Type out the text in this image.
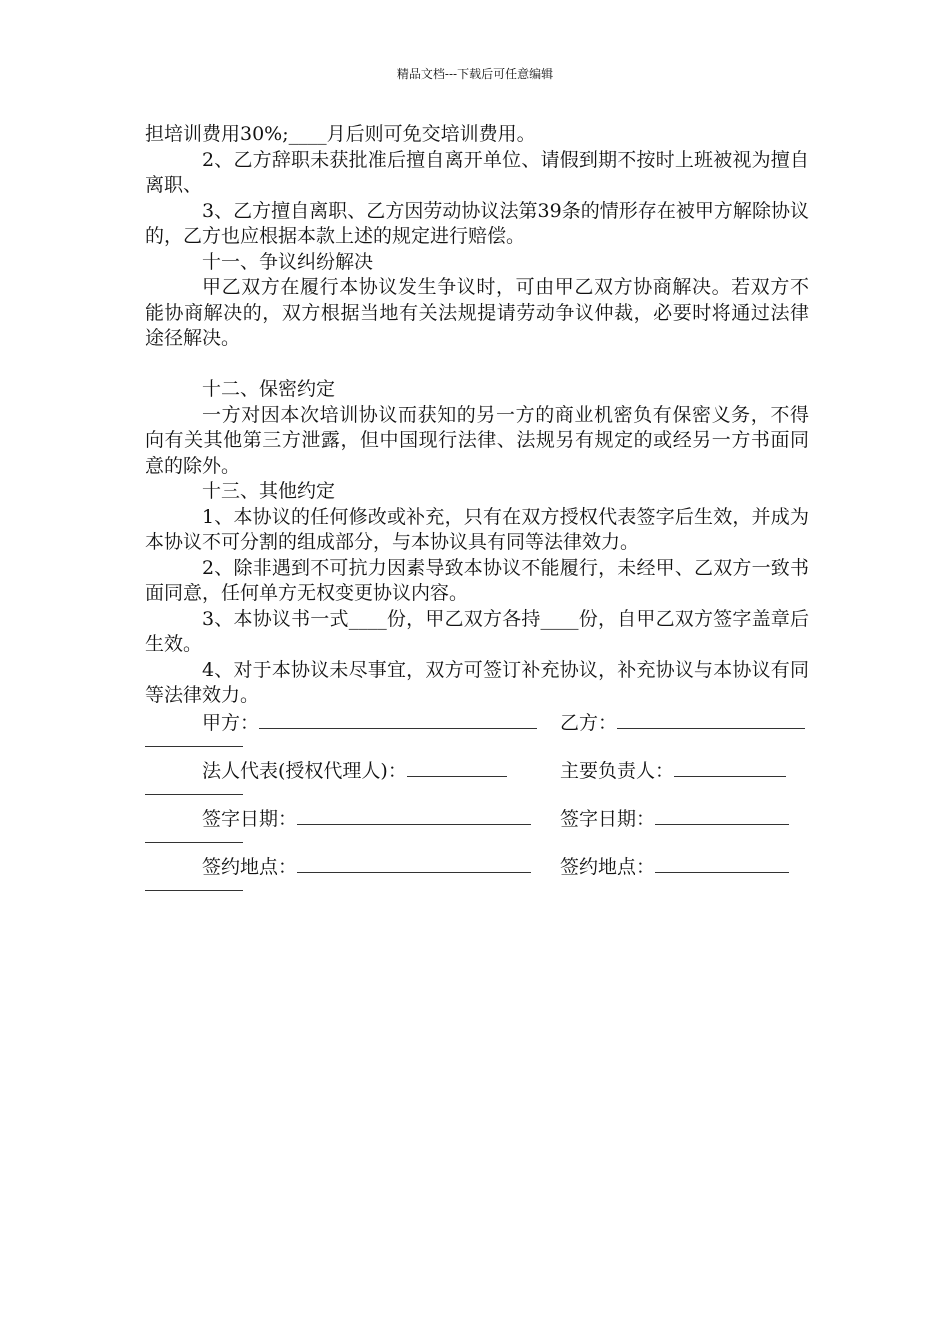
精品文档---下载后可任意编辑

担培训费用30%;____月后则可免交培训费用。

2、乙方辞职未获批准后擅自离开单位、请假到期不按时上班被视为擅自离职、

3、乙方擅自离职、乙方因劳动协议法第39条的情形存在被甲方解除协议的，乙方也应根据本款上述的规定进行赔偿。

十一、争议纠纷解决

甲乙双方在履行本协议发生争议时，可由甲乙双方协商解决。若双方不能协商解决的，双方根据当地有关法规提请劳动争议仲裁，必要时将通过法律途径解决。

十二、保密约定

一方对因本次培训协议而获知的另一方的商业机密负有保密义务，不得向有关其他第三方泄露，但中国现行法律、法规另有规定的或经另一方书面同意的除外。

十三、其他约定

1、本协议的任何修改或补充，只有在双方授权代表签字后生效，并成为本协议不可分割的组成部分，与本协议具有同等法律效力。

2、除非遇到不可抗力因素导致本协议不能履行，未经甲、乙双方一致书面同意，任何单方无权变更协议内容。

3、本协议书一式____份，甲乙双方各持____份，自甲乙双方签字盖章后生效。

4、对于本协议未尽事宜，双方可签订补充协议，补充协议与本协议有同等法律效力。

甲方：	乙方：
法人代表(授权代理人)：	主要负责人：
签字日期：	签字日期：
签约地点：	签约地点：
